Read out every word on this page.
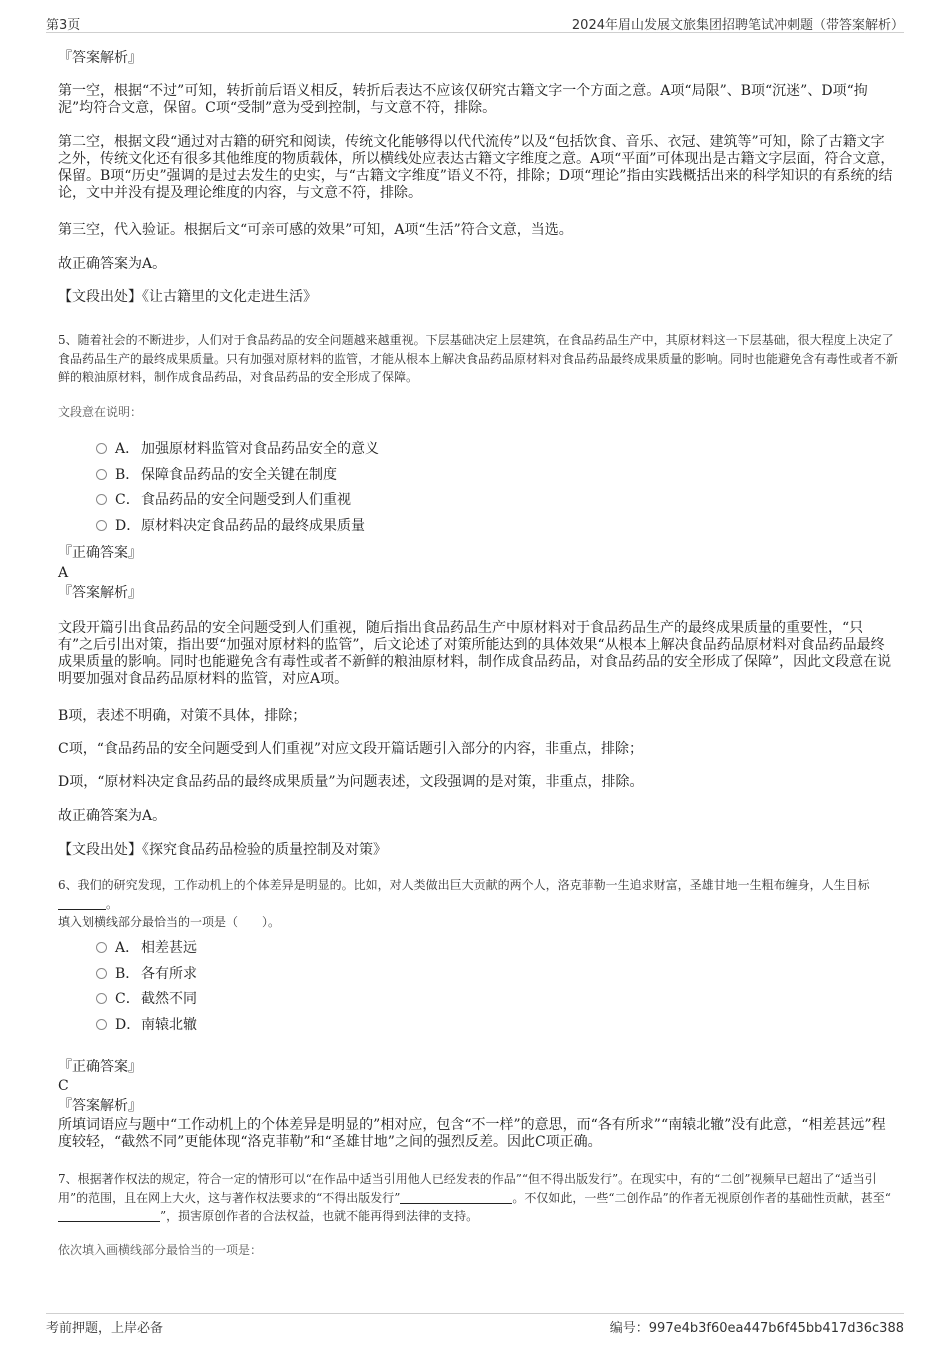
第3页	2024年眉山发展文旅集团招聘笔试冲刺题（带答案解析）
『答案解析』

第一空，根据“不过”可知，转折前后语义相反，转折后表达不应该仅研究古籍文字一个方面之意。A项“局限”、B项“沉迷”、D项“拘泥”均符合文意，保留。C项“受制”意为受到控制，与文意不符，排除。

第二空，根据文段“通过对古籍的研究和阅读，传统文化能够得以代代流传”以及“包括饮食、音乐、衣冠、建筑等”可知，除了古籍文字之外，传统文化还有很多其他维度的物质载体，所以横线处应表达古籍文字维度之意。A项“平面”可体现出是古籍文字层面，符合文意，保留。B项“历史”强调的是过去发生的史实，与“古籍文字维度”语义不符，排除；D项“理论”指由实践概括出来的科学知识的有系统的结论，文中并没有提及理论维度的内容，与文意不符，排除。

第三空，代入验证。根据后文“可亲可感的效果”可知，A项“生活”符合文意，当选。

故正确答案为A。
【文段出处】《让古籍里的文化走进生活》

5、随着社会的不断进步，人们对于食品药品的安全问题越来越重视。下层基础决定上层建筑，在食品药品生产中，其原材料这一下层基础，很大程度上决定了食品药品生产的最终成果质量。只有加强对原材料的监管，才能从根本上解决食品药品原材料对食品药品最终成果质量的影响。同时也能避免含有毒性或者不新鲜的粮油原材料，制作成食品药品，对食品药品的安全形成了保障。

文段意在说明：
A． 加强原材料监管对食品药品安全的意义
B． 保障食品药品的安全关键在制度
C．食品药品的安全问题受到人们重视
D．原材料决定食品药品的最终成果质量
『正确答案』
A
『答案解析』

文段开篇引出食品药品的安全问题受到人们重视，随后指出食品药品生产中原材料对于食品药品生产的最终成果质量的重要性，“只有”之后引出对策，指出要“加强对原材料的监管”，后文论述了对策所能达到的具体效果“从根本上解决食品药品原材料对食品药品最终成果质量的影响。同时也能避免含有毒性或者不新鲜的粮油原材料，制作成食品药品，对食品药品的安全形成了保障”，因此文段意在说明要加强对食品药品原材料的监管，对应A项。

B项，表述不明确，对策不具体，排除；

C项，“食品药品的安全问题受到人们重视”对应文段开篇话题引入部分的内容，非重点，排除；

D项，“原材料决定食品药品的最终成果质量”为问题表述，文段强调的是对策，非重点，排除。

故正确答案为A。
【文段出处】《探究食品药品检验的质量控制及对策》

6、我们的研究发现，工作动机上的个体差异是明显的。比如，对人类做出巨大贡献的两个人，洛克菲勒一生追求财富，圣雄甘地一生粗布缠身，人生目标。

填入划横线部分最恰当的一项是（　　）。
A． 相差甚远
B． 各有所求
C．截然不同
D．南辕北辙
『正确答案』
C
『答案解析』

所填词语应与题中“工作动机上的个体差异是明显的”相对应，包含“不一样”的意思，而“各有所求”“南辕北辙”没有此意，“相差甚远”程度较轻，“截然不同”更能体现“洛克菲勒”和“圣雄甘地”之间的强烈反差。因此C项正确。

7、根据著作权法的规定，符合一定的情形可以“在作品中适当引用他人已经发表的作品”“但不得出版发行”。在现实中，有的“二创”视频早已超出了“适当引用”的范围，且在网上大火，这与著作权法要求的“不得出版发行”	。不仅如此，一些“二创作品”的作者无视原创作者的基础性贡献，甚至“”，损害原创作者的合法权益，也就不能再得到法律的支持。

依次填入画横线部分最恰当的一项是：
考前押题，上岸必备	编号：997e4b3f60ea447b6f45bb417d36c388
